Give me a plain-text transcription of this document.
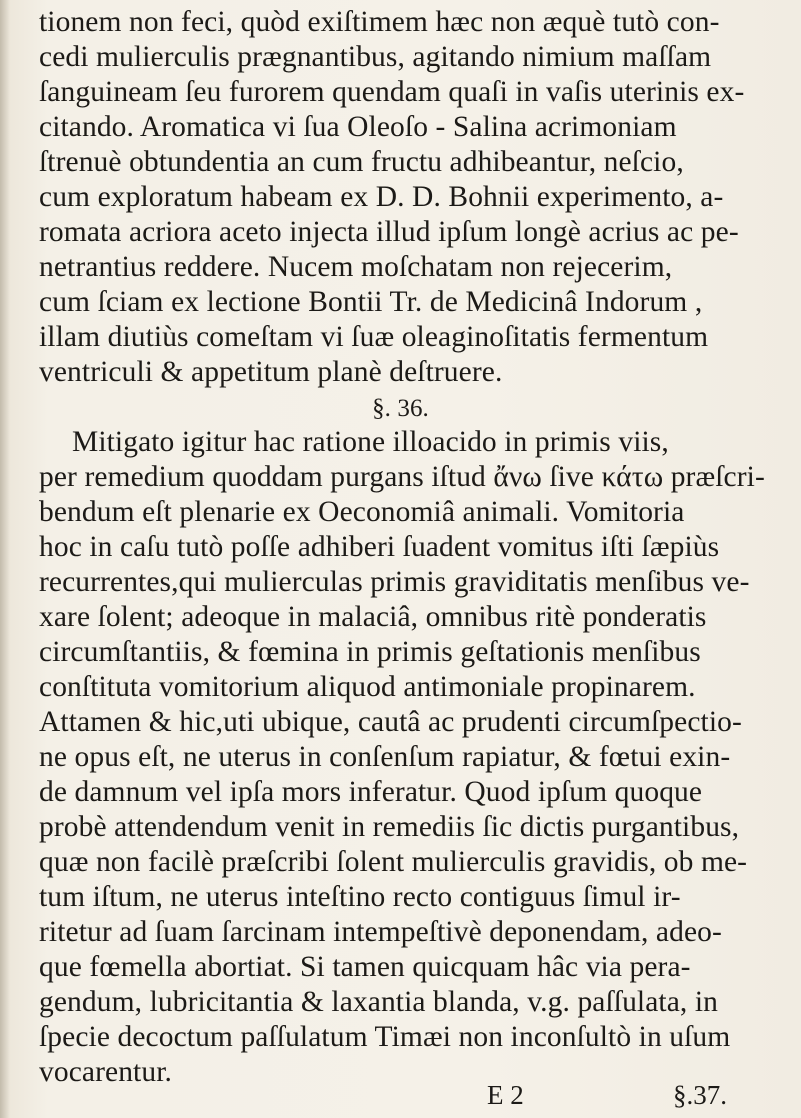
tionem non feci, quòd exiſtimem hæc non æquè tutò con-
cedi mulierculis prægnantibus, agitando nimium maſſam
ſanguineam ſeu furorem quendam quaſi in vaſis uterinis ex-
citando. Aromatica vi ſua Oleoſo - Salina acrimoniam
ſtrenuè obtundentia an cum fructu adhibeantur, neſcio,
cum exploratum habeam ex D. D. Bohnii experimento, a-
romata acriora aceto injecta illud ipſum longè acrius ac pe-
netrantius reddere. Nucem moſchatam non rejecerim,
cum ſciam ex lectione Bontii Tr. de Medicinâ Indorum ,
illam diutiùs comeſtam vi ſuæ oleaginoſitatis fermentum
ventriculi & appetitum planè deſtruere.
§. 36.
Mitigato igitur hac ratione illoacido in primis viis,
per remedium quoddam purgans iſtud ἄνω ſive κάτω præſcri-
bendum eſt plenarie ex Oeconomiâ animali. Vomitoria
hoc in caſu tutò poſſe adhiberi ſuadent vomitus iſti ſæpiùs
recurrentes,qui mulierculas primis graviditatis menſibus ve-
xare ſolent; adeoque in malaciâ, omnibus ritè ponderatis
circumſtantiis, & fœmina in primis geſtationis menſibus
conſtituta vomitorium aliquod antimoniale propinarem.
Attamen & hic,uti ubique, cautâ ac prudenti circumſpectio-
ne opus eſt, ne uterus in conſenſum rapiatur, & fœtui exin-
de damnum vel ipſa mors inferatur. Quod ipſum quoque
probè attendendum venit in remediis ſic dictis purgantibus,
quæ non facilè præſcribi ſolent mulierculis gravidis, ob me-
tum iſtum, ne uterus inteſtino recto contiguus ſimul ir-
ritetur ad ſuam ſarcinam intempeſtivè deponendam, adeo-
que fœmella abortiat. Si tamen quicquam hâc via pera-
gendum, lubricitantia & laxantia blanda, v.g. paſſulata, in
ſpecie decoctum paſſulatum Timæi non inconſultò in uſum
vocarentur.
E 2	§.37.
